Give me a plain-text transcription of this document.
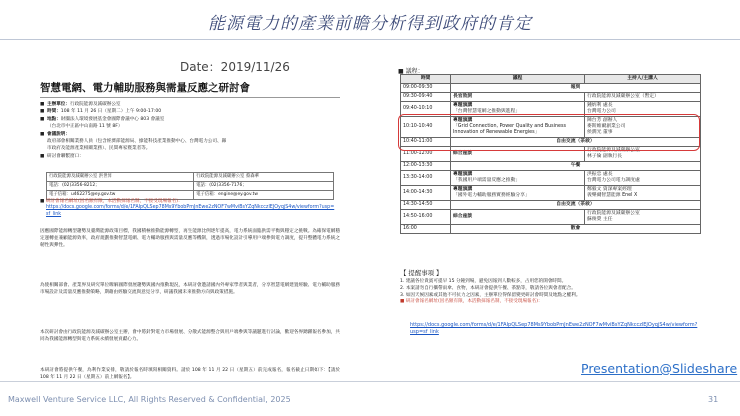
能源電力的產業前瞻分析得到政府的肯定
Date：2019/11/26
智慧電網、電力輔助服務與需量反應之研討會
■ 主辦單位：行政院能源及減碳辦公室
■ 時間：108 年 11 月 26 日（星期二）上午 9:00-17:00
■ 地點：財團法人環境發展基金會國際會議中心 803 會議室
（台北市中正區中山南路 11 號 8F）
■ 會議說明：
政府部會相關業務人員（包含經濟部能源局、綠能科技產業推動中心、台灣電力公司、縣
市政府及能源產業相關業務）、民間專家暨業者等。
■ 研討會聯繫窗口：
行政院能源及減碳辦公室 洪世昇	行政院能源及減碳辦公室 蔡森華
電話：(02)3356-8212；	電話：(02)3356-7176；
電子信箱：u462275@ey.gov.tw	電子信箱：engine@ey.gov.tw
■ 研討會報名網址(因名額有限，本活動採報名制，不接受現場報名)：
https://docs.google.com/forms/d/e/1FAIpQLSep78Ms9YbobPmJnEwe2zNOF7wMviBsYZqNkcczlEJOyqjS4w/viewform?usp=sf_link
因應國際能源轉型趨勢及臺灣能源政策目標，我國積極推動能源轉型，再生能源比例逐年提高，電力系統面臨供需平衡與穩定之挑戰。為確保電網穩定運轉並兼顧能源效率，政府規劃推動智慧電網、電力輔助服務與需量反應等機制，透過市場化設計引導用戶端參與電力調度，提升整體電力系統之韌性與彈性。
為使相關部會、產業界及研究單位瞭解國際發展趨勢與國內推動現況，本研討會邀請國內外專家學者與業者，分享智慧電網建置經驗、電力輔助服務市場設計及需量反應推動策略，期藉由經驗交流與意見分享，研議我國未來推動方向與政策措施。
本次研討會由行政院能源及減碳辦公室主辦，會中將針對電力市場發展、分散式能源整合與用戶端參與等議題進行討論，歡迎各界踴躍報名參加，共同為我國能源轉型與電力系統永續發展貢獻心力。
本研討會將提供午餐，為利作業安排，敬請於報名時填寫相關資料。請於 108 年 11 月 22 日（星期五）前完成報名，報名截止日期如下：【請於 108 年 11 月 22 日（星期五）前上網報名】。
■ 議程：
時間	議程	主持人/主講人
09:00-09:30	報到	
09:30-09:40	長官致詞	行政院能源及減碳辦公室（暫定）

09:40-10:10	專題演講
「台灣智慧電網之推動與進程」	鍾炳利 處長
台灣電力公司

10:10-10:40	專題演講
「Grid Connection, Power Quality and Business Innovation of Renewable Energies」	陳台芳 創辦人
麥斯維爾創業公司
侯潤光 董事

10:40-11:00	自由交流（茶敘）	
11:00-12:00	綜合座談	行政院能源及減碳辦公室
林子倫 副執行長

12:00-13:30	午餐	
13:30-14:00	專題演講
「我國用戶端需量反應之推動」	洪振忠 處長
台灣電力公司電力調度處

14:00-14:30	專題演講
「國外電力輔助服務實務經驗分享」	鄭毅文 資深專案經理
義樂爾智慧能源 Enel X

14:30-14:50	自由交流（茶敘）	
14:50-16:00	綜合座談	行政院能源及減碳辦公室
蘇俊榮 主任

16:00	散會	
【 提醒事項 】
1. 建議各位貴賓可提早 15 分鐘到場，避免因報到人數較多，占用您的開會時間。
2. 本案請勿自行攜帶雨傘、食物，本研討會提供午餐、茶點等，敬請各位與會者配合。
3. 如因天候因素或其他不可抗力之因素，主辦單位得保留變更研討會時間及地點之權利。
■ 研討會報名網址(因名額有限，本活動採報名制，不接受現場報名)：
https://docs.google.com/forms/d/e/1FAIpQLSep78Ms9YbobPmJnEwe2zNOF7wMviBsYZqNkcczlEJOyqjS4w/viewform?usp=sf_link
Presentation@Slideshare
Maxwell Venture Service LLC, All Rights Reserved & Confidential, 2025	31
